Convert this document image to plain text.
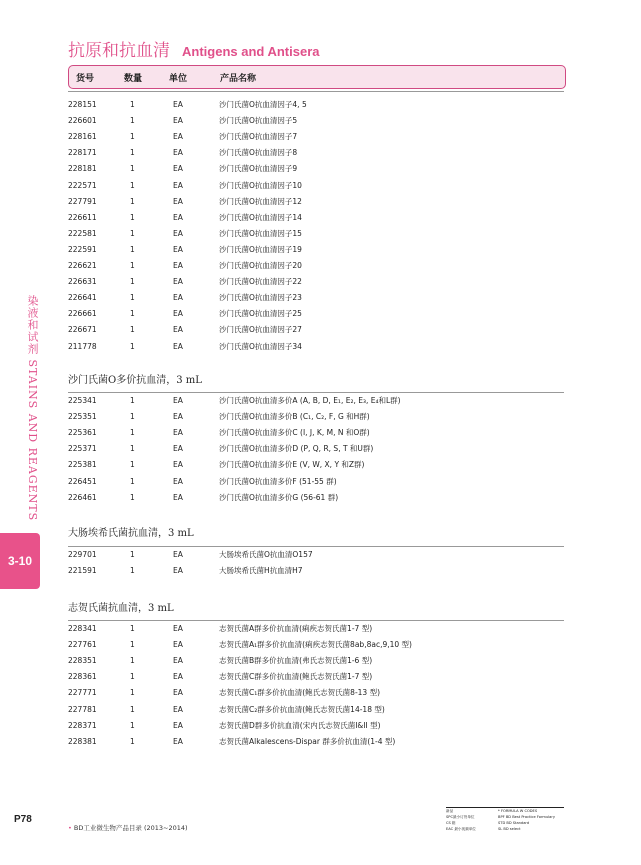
抗原和抗血清 Antigens and Antisera
货号	数量	单位	产品名称
228151	1	EA	沙门氏菌O抗血清因子4, 5
226601	1	EA	沙门氏菌O抗血清因子5
228161	1	EA	沙门氏菌O抗血清因子7
228171	1	EA	沙门氏菌O抗血清因子8
228181	1	EA	沙门氏菌O抗血清因子9
222571	1	EA	沙门氏菌O抗血清因子10
227791	1	EA	沙门氏菌O抗血清因子12
226611	1	EA	沙门氏菌O抗血清因子14
222581	1	EA	沙门氏菌O抗血清因子15
222591	1	EA	沙门氏菌O抗血清因子19
226621	1	EA	沙门氏菌O抗血清因子20
226631	1	EA	沙门氏菌O抗血清因子22
226641	1	EA	沙门氏菌O抗血清因子23
226661	1	EA	沙门氏菌O抗血清因子25
226671	1	EA	沙门氏菌O抗血清因子27
211778	1	EA	沙门氏菌O抗血清因子34
沙门氏菌O多价抗血清，3 mL
225341	1	EA	沙门氏菌O抗血清多价A (A, B, D, E₁, E₂, E₃, E₄和L群)
225351	1	EA	沙门氏菌O抗血清多价B (C₁, C₂, F, G 和H群)
225361	1	EA	沙门氏菌O抗血清多价C (I, J, K, M, N 和O群)
225371	1	EA	沙门氏菌O抗血清多价D (P, Q, R, S, T 和U群)
225381	1	EA	沙门氏菌O抗血清多价E (V, W, X, Y 和Z群)
226451	1	EA	沙门氏菌O抗血清多价F (51-55 群)
226461	1	EA	沙门氏菌O抗血清多价G (56-61 群)
大肠埃希氏菌抗血清，3 mL
229701	1	EA	大肠埃希氏菌O抗血清O157
221591	1	EA	大肠埃希氏菌H抗血清H7
志贺氏菌抗血清，3 mL
228341	1	EA	志贺氏菌A群多价抗血清(痢疾志贺氏菌1-7 型)
227761	1	EA	志贺氏菌A₁群多价抗血清(痢疾志贺氏菌8ab,8ac,9,10 型)
228351	1	EA	志贺氏菌B群多价抗血清(弗氏志贺氏菌1-6 型)
228361	1	EA	志贺氏菌C群多价抗血清(鲍氏志贺氏菌1-7 型)
227771	1	EA	志贺氏菌C₁群多价抗血清(鲍氏志贺氏菌8-13 型)
227781	1	EA	志贺氏菌C₂群多价抗血清(鲍氏志贺氏菌14-18 型)
228371	1	EA	志贺氏菌D群多价抗血清(宋内氏志贺氏菌I&II 型)
228381	1	EA	志贺氏菌Alkalescens-Dispar 群多价抗血清(1-4 型)
染液和试剂 STAINS AND REAGENTS
3-10
P78
• BD工业微生物产品目录 (2013~2014)
新品	* FORMULA W CODES
SPC最小订货单位	BPF BD Best Practice Formulary
CS 箱	STD BD Standard
EAC 最小视频单位	SL BD select
